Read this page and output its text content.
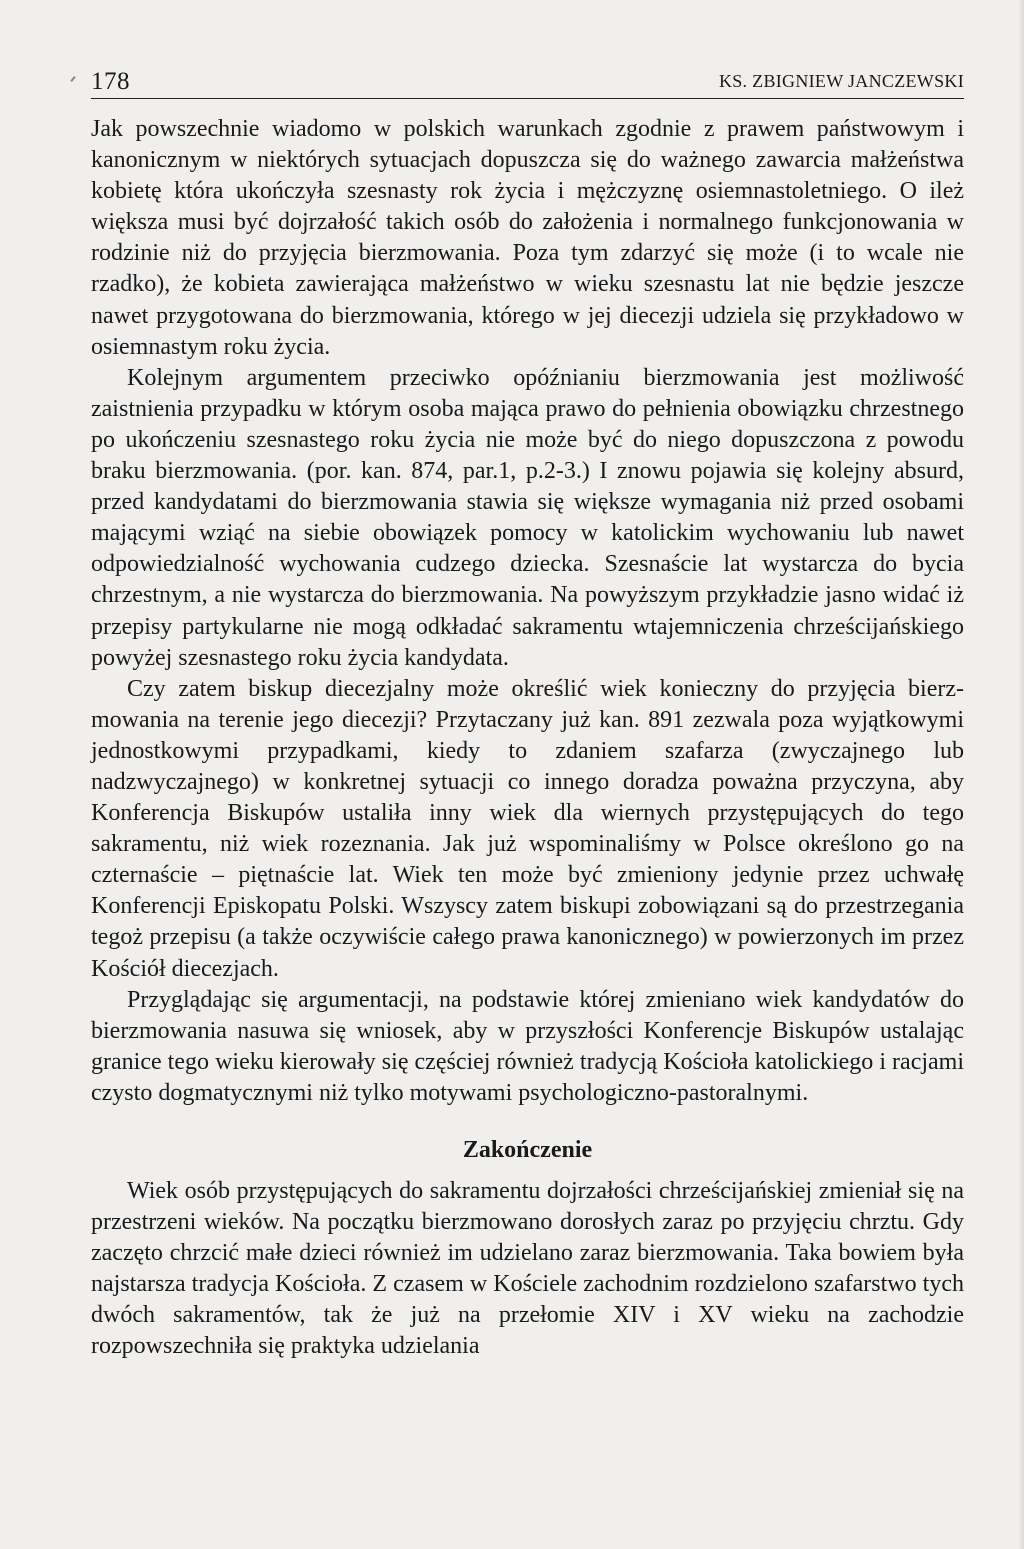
178	KS. ZBIGNIEW JANCZEWSKI

Jak powszechnie wiadomo w polskich warunkach zgodnie z prawem państwowym i kanonicznym w niektórych sytuacjach dopuszcza się do ważnego zawarcia małżeństwa kobietę która ukończyła szesnasty rok życia i mężczyznę osiemnastoletniego. O ileż większa musi być dojrzałość takich osób do założenia i normalnego funkcjonowania w rodzinie niż do przyjęcia bierzmowania. Poza tym zdarzyć się może (i to wcale nie rzadko), że kobieta zawierająca małżeństwo w wieku szesnastu lat nie będzie jeszcze nawet przygotowana do bierzmowania, którego w jej diecezji udziela się przykładowo w osiemnastym roku życia.

Kolejnym argumentem przeciwko opóźnianiu bierzmowania jest możliwość zaistnienia przypadku w którym osoba mająca prawo do pełnienia obowiązku chrzestnego po ukończeniu szesnastego roku życia nie może być do niego dopuszczona z powodu braku bierzmowania. (por. kan. 874, par.1, p.2-3.) I znowu pojawia się kolejny absurd, przed kandydatami do bierzmowania stawia się większe wymagania niż przed osobami mającymi wziąć na siebie obowiązek pomocy w katolickim wychowaniu lub nawet odpowiedzialność wychowania cudzego dziecka. Szesnaście lat wystarcza do bycia chrzestnym, a nie wystarcza do bierzmowania. Na powyższym przykładzie jasno widać iż przepisy partykularne nie mogą odkładać sakramentu wtajemniczenia chrześcijańskiego powyżej szesnastego roku życia kandydata.

Czy zatem biskup diecezjalny może określić wiek konieczny do przyjęcia bierzmowania na terenie jego diecezji? Przytaczany już kan. 891 zezwala poza wyjątkowymi jednostkowymi przypadkami, kiedy to zdaniem szafarza (zwyczajnego lub nadzwyczajnego) w konkretnej sytuacji co innego doradza poważna przyczyna, aby Konferencja Biskupów ustaliła inny wiek dla wiernych przystępujących do tego sakramentu, niż wiek rozeznania. Jak już wspominaliśmy w Polsce określono go na czternaście – piętnaście lat. Wiek ten może być zmieniony jedynie przez uchwałę Konferencji Episkopatu Polski. Wszyscy zatem biskupi zobowiązani są do przestrzegania tegoż przepisu (a także oczywiście całego prawa kanonicznego) w powierzonych im przez Kościół diecezjach.

Przyglądając się argumentacji, na podstawie której zmieniano wiek kandydatów do bierzmowania nasuwa się wniosek, aby w przyszłości Konferencje Biskupów ustalając granice tego wieku kierowały się częściej również tradycją Kościoła katolickiego i racjami czysto dogmatycznymi niż tylko motywami psychologiczno-pastoralnymi.

Zakończenie

Wiek osób przystępujących do sakramentu dojrzałości chrześcijańskiej zmieniał się na przestrzeni wieków. Na początku bierzmowano dorosłych zaraz po przyjęciu chrztu. Gdy zaczęto chrzcić małe dzieci również im udzielano zaraz bierzmowania. Taka bowiem była najstarsza tradycja Kościoła. Z czasem w Kościele zachodnim rozdzielono szafarstwo tych dwóch sakramentów, tak że już na przełomie XIV i XV wieku na zachodzie rozpowszechniła się praktyka udzielania
